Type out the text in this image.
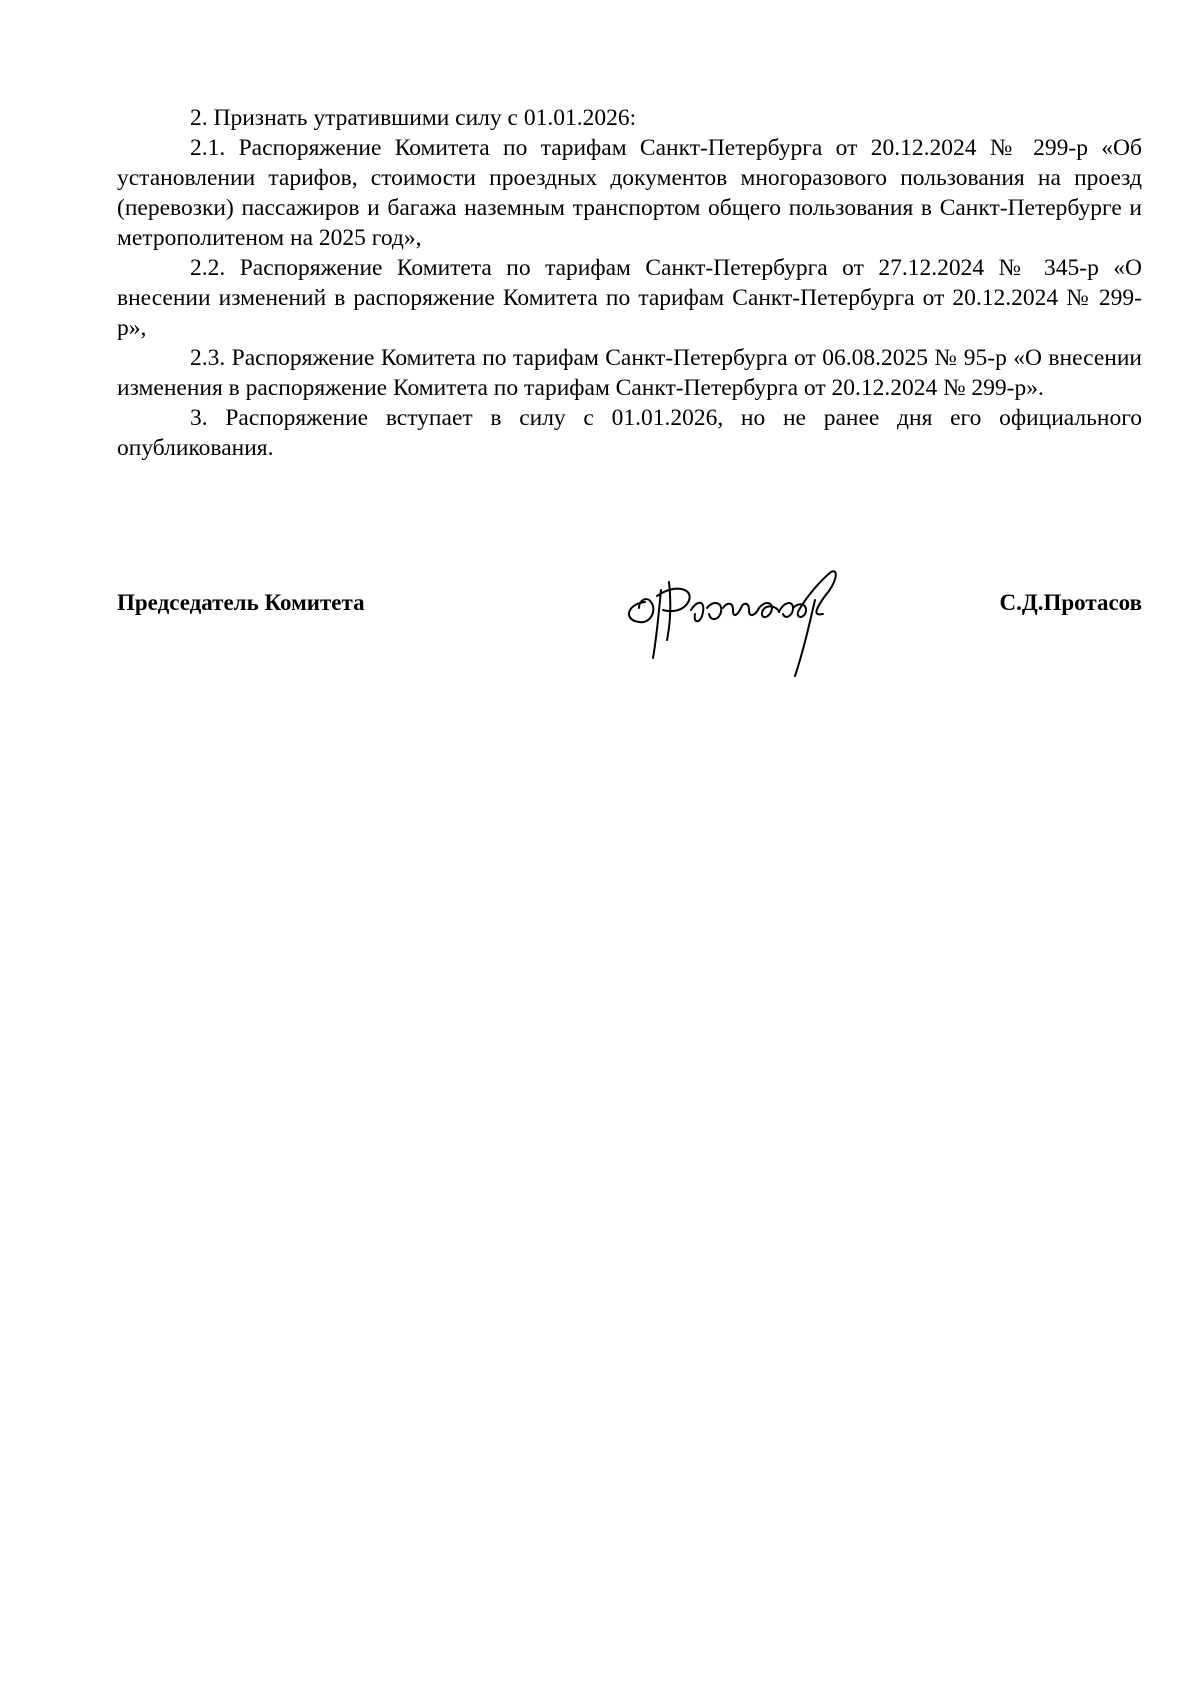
2. Признать утратившими силу с 01.01.2026:

2.1. Распоряжение Комитета по тарифам Санкт-Петербурга от 20.12.2024 № 299-р «Об установлении тарифов, стоимости проездных документов многоразового пользования на проезд (перевозки) пассажиров и багажа наземным транспортом общего пользования в Санкт-Петербурге и метрополитеном на 2025 год»,

2.2. Распоряжение Комитета по тарифам Санкт-Петербурга от 27.12.2024 № 345-р «О внесении изменений в распоряжение Комитета по тарифам Санкт-Петербурга от 20.12.2024 № 299-р»,

2.3. Распоряжение Комитета по тарифам Санкт-Петербурга от 06.08.2025 № 95-р «О внесении изменения в распоряжение Комитета по тарифам Санкт-Петербурга от 20.12.2024 № 299-р».

3. Распоряжение вступает в силу с 01.01.2026, но не ранее дня его официального опубликования.

Председатель Комитета	С.Д.Протасов
